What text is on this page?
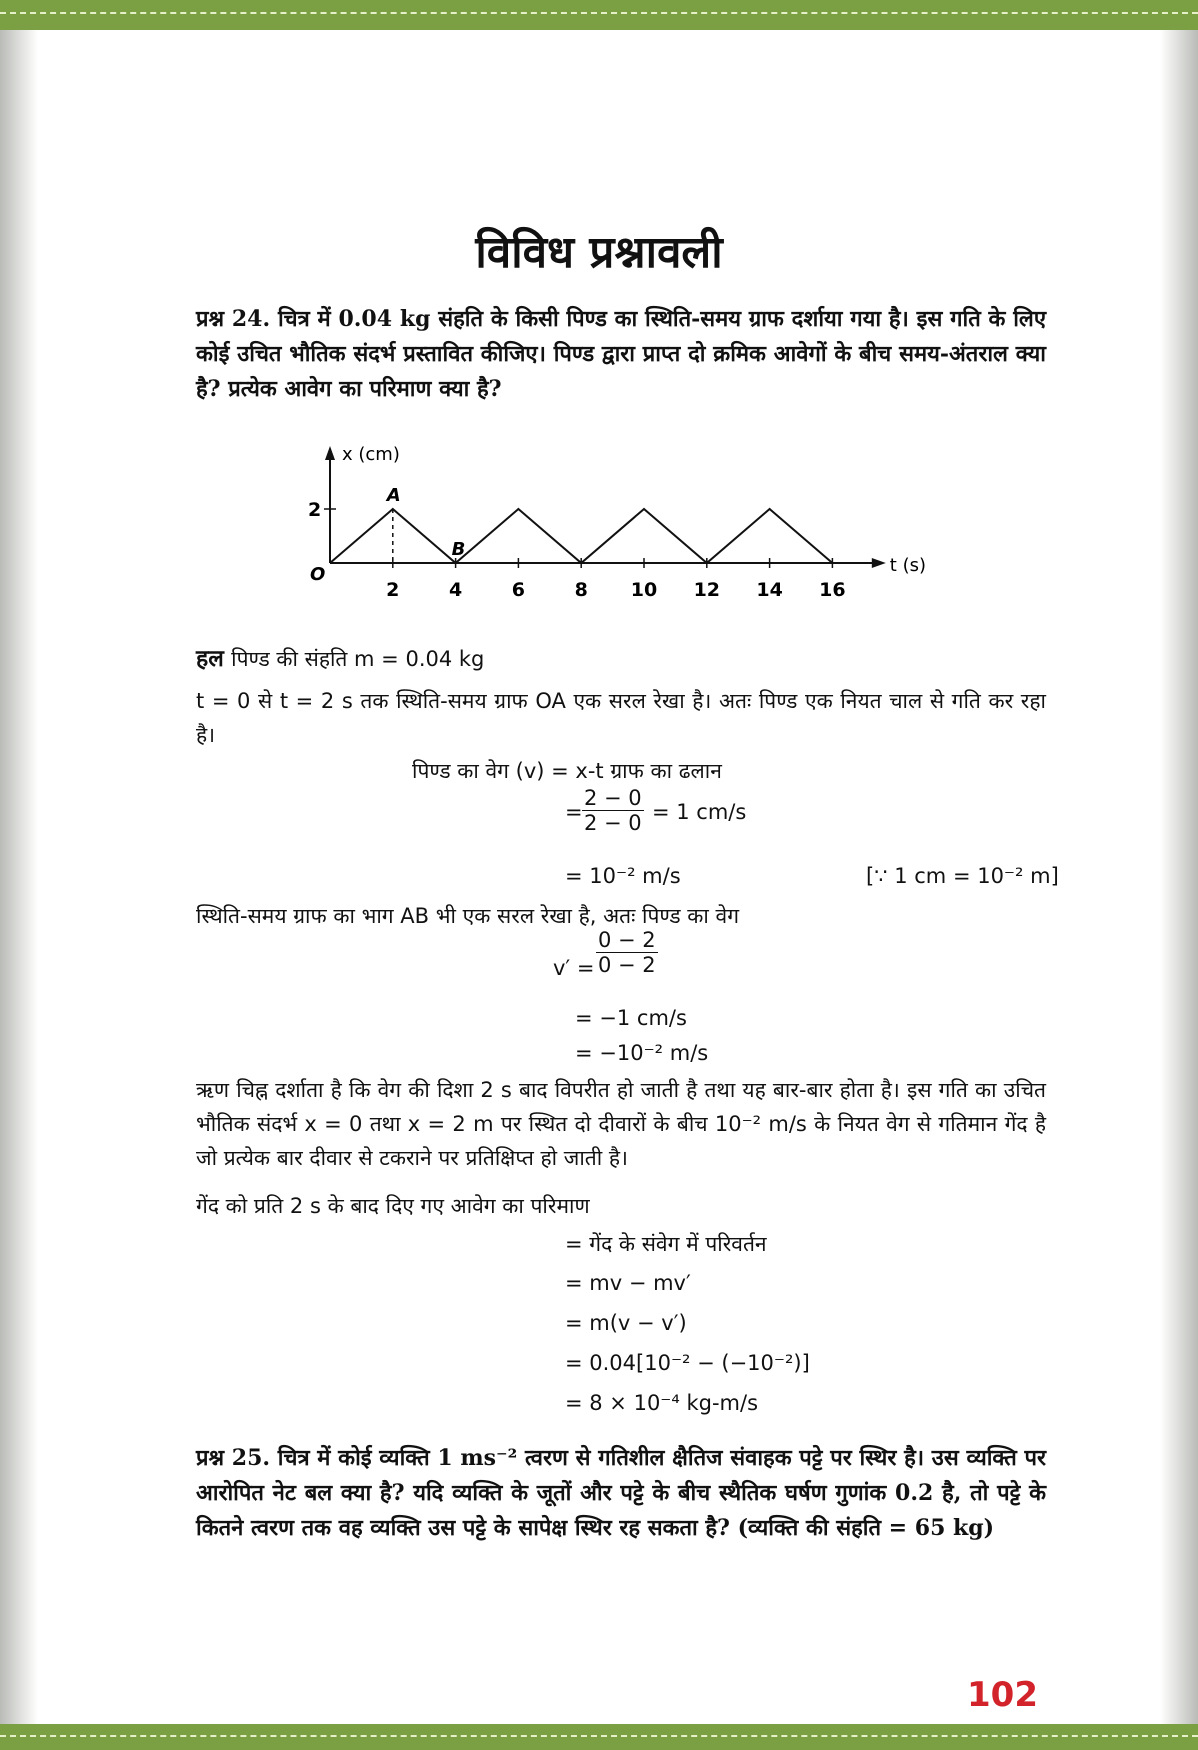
विविध प्रश्नावली
प्रश्न 24. चित्र में 0.04 kg संहति के किसी पिण्ड का स्थिति-समय ग्राफ दर्शाया गया है। इस गति के लिए कोई उचित भौतिक संदर्भ प्रस्तावित कीजिए। पिण्ड द्वारा प्राप्त दो क्रमिक आवेगों के बीच समय-अंतराल क्या है? प्रत्येक आवेग का परिमाण क्या है?
t (s)
x (cm)
O
2	4	6	8 10 12 14 16
2
A
B
हल पिण्ड की संहति m = 0.04 kg
t = 0 से t = 2 s तक स्थिति-समय ग्राफ OA एक सरल रेखा है। अतः पिण्ड एक नियत चाल से गति कर रहा है।
पिण्ड का वेग (v) = x-t ग्राफ का ढलान
= $\frac{2 - 0}{2 - 0} = 1$ cm/s
= 10⁻² m/s	[∵ 1 cm = 10⁻² m]
स्थिति-समय ग्राफ का भाग AB भी एक सरल रेखा है, अतः पिण्ड का वेग
$v' = \frac{0 - 2}{0 - 2}$
= −1 cm/s
= −10⁻² m/s
ऋण चिह्न दर्शाता है कि वेग की दिशा 2 s बाद विपरीत हो जाती है तथा यह बार-बार होता है। इस गति का उचित भौतिक संदर्भ x = 0 तथा x = 2 m पर स्थित दो दीवारों के बीच 10⁻² m/s के नियत वेग से गतिमान गेंद है जो प्रत्येक बार दीवार से टकराने पर प्रतिक्षिप्त हो जाती है।
गेंद को प्रति 2 s के बाद दिए गए आवेग का परिमाण
= गेंद के संवेग में परिवर्तन
= mv − mv′
= m(v − v′)
= 0.04[10⁻² − (−10⁻²)]
= 8 × 10⁻⁴ kg-m/s
प्रश्न 25. चित्र में कोई व्यक्ति 1 ms⁻² त्वरण से गतिशील क्षैतिज संवाहक पट्टे पर स्थिर है। उस व्यक्ति पर आरोपित नेट बल क्या है? यदि व्यक्ति के जूतों और पट्टे के बीच स्थैतिक घर्षण गुणांक 0.2 है, तो पट्टे के कितने त्वरण तक वह व्यक्ति उस पट्टे के सापेक्ष स्थिर रह सकता है? (व्यक्ति की संहति = 65 kg)
102
